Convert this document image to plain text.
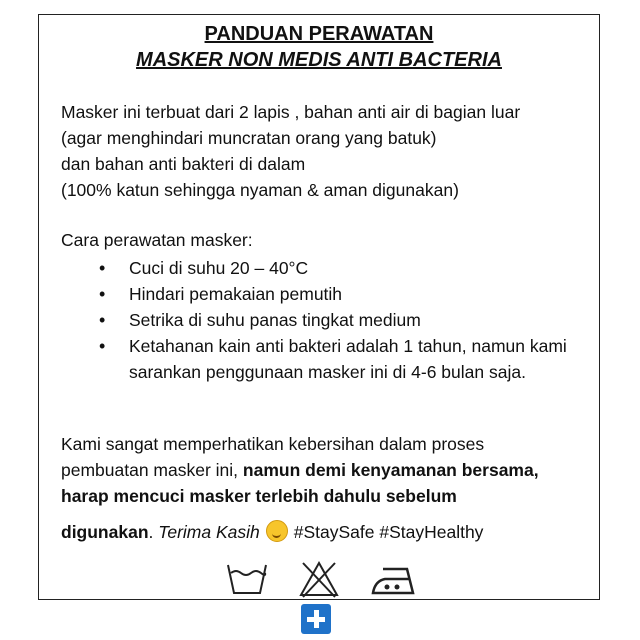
PANDUAN PERAWATAN

MASKER NON MEDIS ANTI BACTERIA

Masker ini terbuat dari 2 lapis , bahan anti air di bagian luar
(agar menghindari muncratan orang yang batuk)
dan bahan anti bakteri di dalam
(100% katun sehingga nyaman & aman digunakan)
Cara perawatan masker:
• Cuci di suhu 20 – 40°C
• Hindari pemakaian pemutih
• Setrika di suhu panas tingkat medium
• Ketahanan kain anti bakteri adalah 1 tahun, namun kami sarankan penggunaan masker ini di 4-6 bulan saja.
Kami sangat memperhatikan kebersihan dalam proses
pembuatan masker ini, namun demi kenyamanan bersama,
harap mencuci masker terlebih dahulu sebelum
digunakan. Terima Kasih #StaySafe #StayHealthy
